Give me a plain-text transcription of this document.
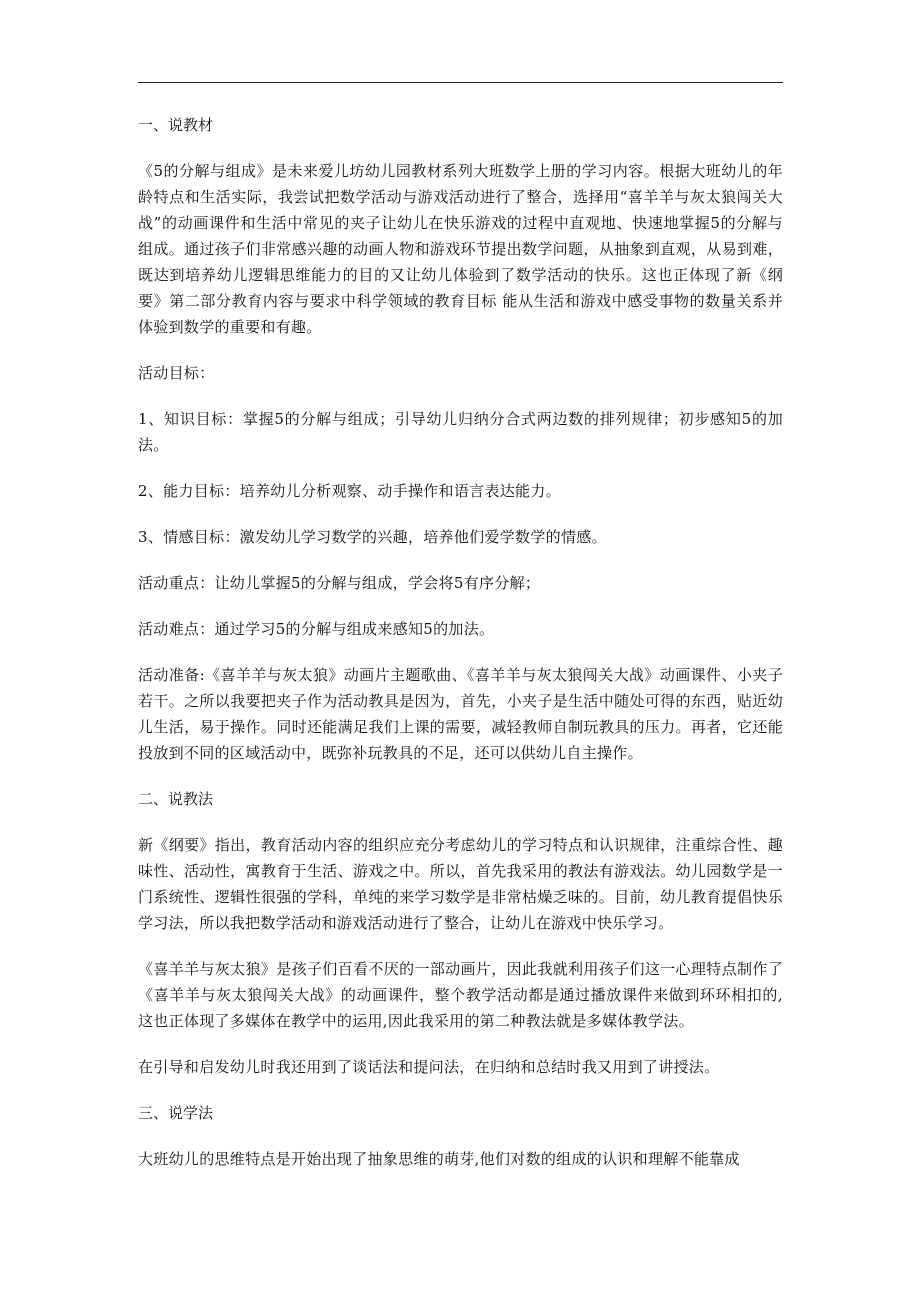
一、说教材

《5的分解与组成》是未来爱儿坊幼儿园教材系列大班数学上册的学习内容。根据大班幼儿的年龄特点和生活实际，我尝试把数学活动与游戏活动进行了整合，选择用“喜羊羊与灰太狼闯关大战”的动画课件和生活中常见的夹子让幼儿在快乐游戏的过程中直观地、快速地掌握5的分解与组成。通过孩子们非常感兴趣的动画人物和游戏环节提出数学问题，从抽象到直观，从易到难，既达到培养幼儿逻辑思维能力的目的又让幼儿体验到了数学活动的快乐。这也正体现了新《纲要》第二部分教育内容与要求中科学领域的教育目标 能从生活和游戏中感受事物的数量关系并体验到数学的重要和有趣。

活动目标：

1、知识目标：掌握5的分解与组成；引导幼儿归纳分合式两边数的排列规律；初步感知5的加法。

2、能力目标：培养幼儿分析观察、动手操作和语言表达能力。

3、情感目标：激发幼儿学习数学的兴趣，培养他们爱学数学的情感。

活动重点：让幼儿掌握5的分解与组成，学会将5有序分解；

活动难点：通过学习5的分解与组成来感知5的加法。

活动准备:《喜羊羊与灰太狼》动画片主题歌曲、《喜羊羊与灰太狼闯关大战》动画课件、小夹子若干。之所以我要把夹子作为活动教具是因为，首先，小夹子是生活中随处可得的东西，贴近幼儿生活，易于操作。同时还能满足我们上课的需要，减轻教师自制玩教具的压力。再者，它还能投放到不同的区域活动中，既弥补玩教具的不足，还可以供幼儿自主操作。

二、说教法

新《纲要》指出，教育活动内容的组织应充分考虑幼儿的学习特点和认识规律，注重综合性、趣味性、活动性，寓教育于生活、游戏之中。所以，首先我采用的教法有游戏法。幼儿园数学是一门系统性、逻辑性很强的学科，单纯的来学习数学是非常枯燥乏味的。目前，幼儿教育提倡快乐学习法，所以我把数学活动和游戏活动进行了整合，让幼儿在游戏中快乐学习。

《喜羊羊与灰太狼》是孩子们百看不厌的一部动画片，因此我就利用孩子们这一心理特点制作了《喜羊羊与灰太狼闯关大战》的动画课件，整个教学活动都是通过播放课件来做到环环相扣的,这也正体现了多媒体在教学中的运用,因此我采用的第二种教法就是多媒体教学法。

在引导和启发幼儿时我还用到了谈话法和提问法，在归纳和总结时我又用到了讲授法。

三、说学法

大班幼儿的思维特点是开始出现了抽象思维的萌芽,他们对数的组成的认识和理解不能靠成
